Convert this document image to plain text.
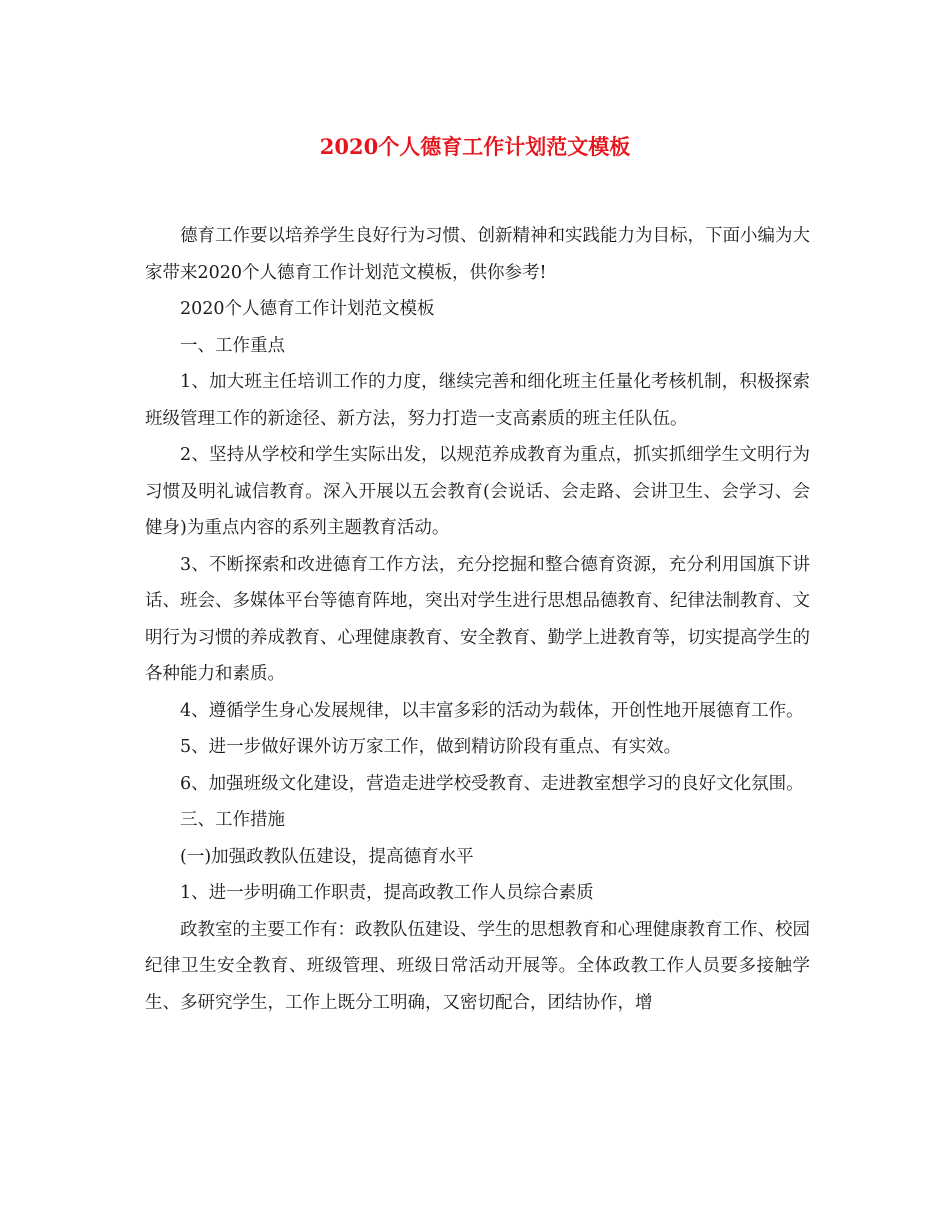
2020个人德育工作计划范文模板

德育工作要以培养学生良好行为习惯、创新精神和实践能力为目标，下面小编为大家带来2020个人德育工作计划范文模板，供你参考!

2020个人德育工作计划范文模板

一、工作重点

1、加大班主任培训工作的力度，继续完善和细化班主任量化考核机制，积极探索班级管理工作的新途径、新方法，努力打造一支高素质的班主任队伍。

2、坚持从学校和学生实际出发，以规范养成教育为重点，抓实抓细学生文明行为习惯及明礼诚信教育。深入开展以五会教育(会说话、会走路、会讲卫生、会学习、会健身)为重点内容的系列主题教育活动。

3、不断探索和改进德育工作方法，充分挖掘和整合德育资源，充分利用国旗下讲话、班会、多媒体平台等德育阵地，突出对学生进行思想品德教育、纪律法制教育、文明行为习惯的养成教育、心理健康教育、安全教育、勤学上进教育等，切实提高学生的各种能力和素质。

4、遵循学生身心发展规律，以丰富多彩的活动为载体，开创性地开展德育工作。

5、进一步做好课外访万家工作，做到精访阶段有重点、有实效。

6、加强班级文化建设，营造走进学校受教育、走进教室想学习的良好文化氛围。

三、工作措施

(一)加强政教队伍建设，提高德育水平

1、进一步明确工作职责，提高政教工作人员综合素质

政教室的主要工作有：政教队伍建设、学生的思想教育和心理健康教育工作、校园纪律卫生安全教育、班级管理、班级日常活动开展等。全体政教工作人员要多接触学生、多研究学生，工作上既分工明确，又密切配合，团结协作，增
